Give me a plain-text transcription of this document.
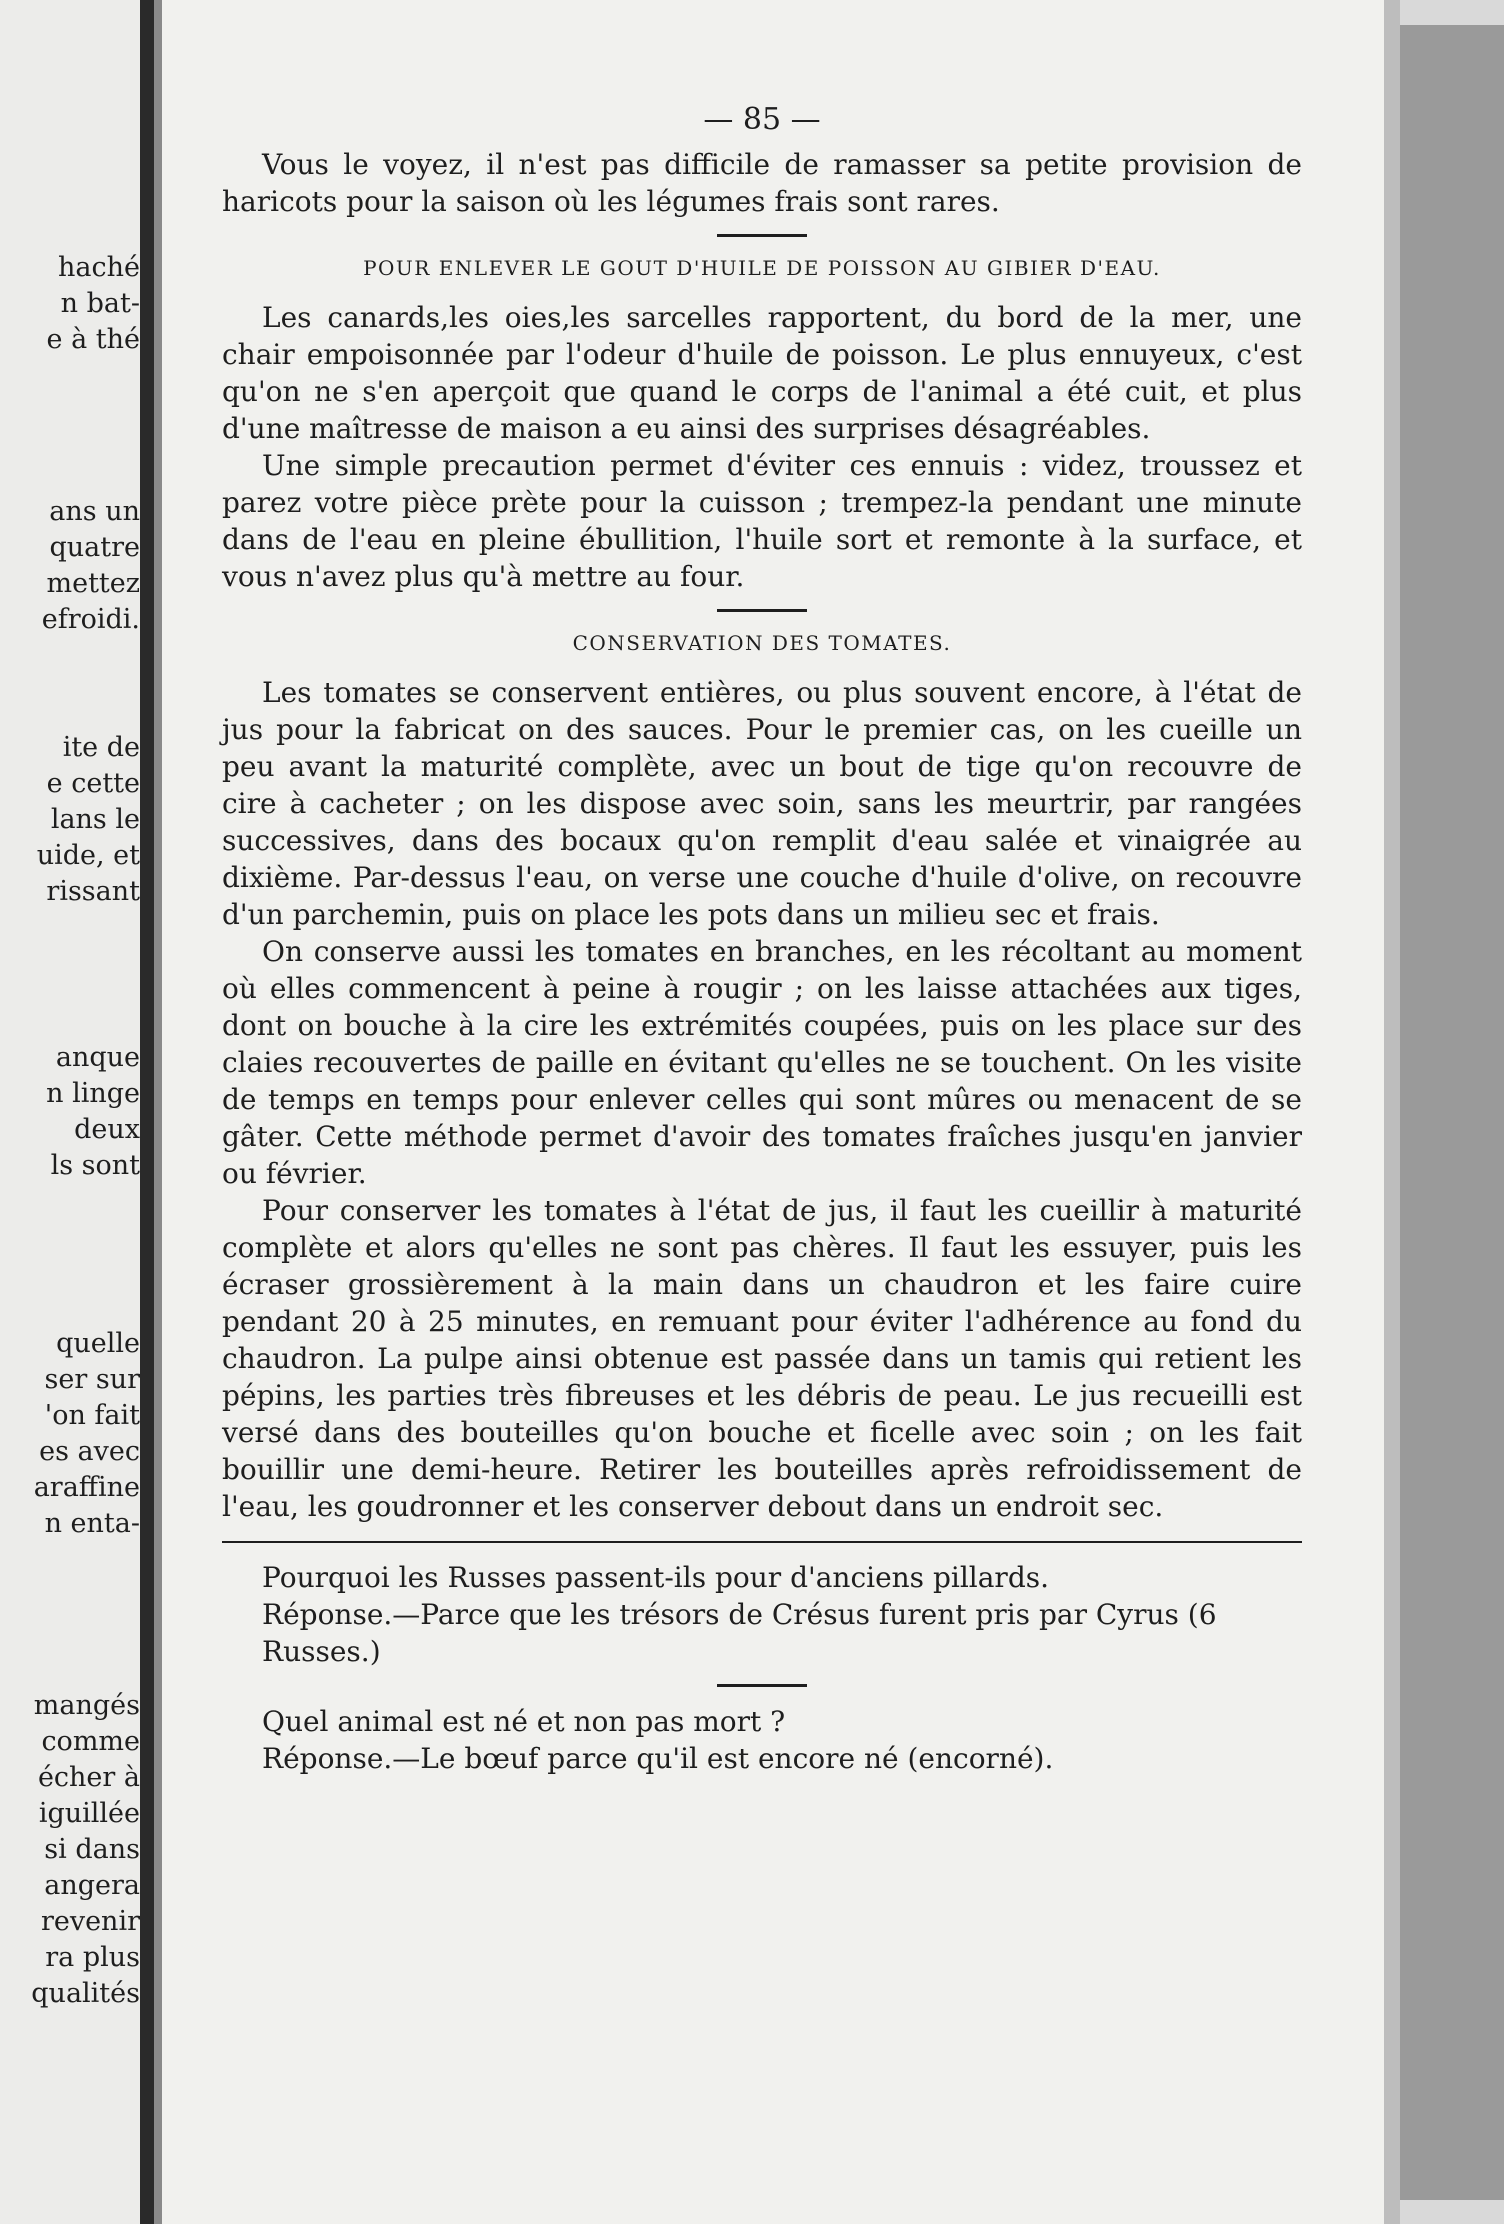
haché
n bat-
e à thé
ans un
quatre
mettez
efroidi.
ite de
e cette
lans le
uide, et
rissant
anque
n linge
deux
ls sont
quelle
ser sur
'on fait
es avec
araffine
n enta-
mangés
comme
écher à
iguillée
si dans
angera
revenir
ra plus
qualités
— 85 —

Vous le voyez, il n'est pas difficile de ramasser sa petite provision de haricots pour la saison où les légumes frais sont rares.

POUR ENLEVER LE GOUT D'HUILE DE POISSON AU GIBIER D'EAU.

Les canards,les oies,les sarcelles rapportent, du bord de la mer, une chair empoisonnée par l'odeur d'huile de poisson. Le plus ennuyeux, c'est qu'on ne s'en aperçoit que quand le corps de l'animal a été cuit, et plus d'une maîtresse de maison a eu ainsi des surprises désagréables.

Une simple precaution permet d'éviter ces ennuis : videz, troussez et parez votre pièce prète pour la cuisson ; trempez-la pendant une minute dans de l'eau en pleine ébullition, l'huile sort et remonte à la surface, et vous n'avez plus qu'à mettre au four.

CONSERVATION DES TOMATES.

Les tomates se conservent entières, ou plus souvent encore, à l'état de jus pour la fabricat on des sauces. Pour le premier cas, on les cueille un peu avant la maturité complète, avec un bout de tige qu'on recouvre de cire à cacheter ; on les dispose avec soin, sans les meurtrir, par rangées successives, dans des bocaux qu'on remplit d'eau salée et vinaigrée au dixième. Par-dessus l'eau, on verse une couche d'huile d'olive, on recouvre d'un parchemin, puis on place les pots dans un milieu sec et frais.

On conserve aussi les tomates en branches, en les récoltant au moment où elles commencent à peine à rougir ; on les laisse attachées aux tiges, dont on bouche à la cire les extrémités coupées, puis on les place sur des claies recouvertes de paille en évitant qu'elles ne se touchent. On les visite de temps en temps pour enlever celles qui sont mûres ou menacent de se gâter. Cette méthode permet d'avoir des tomates fraîches jusqu'en janvier ou février.

Pour conserver les tomates à l'état de jus, il faut les cueillir à maturité complète et alors qu'elles ne sont pas chères. Il faut les essuyer, puis les écraser grossièrement à la main dans un chaudron et les faire cuire pendant 20 à 25 minutes, en remuant pour éviter l'adhérence au fond du chaudron. La pulpe ainsi obtenue est passée dans un tamis qui retient les pépins, les parties très fibreuses et les débris de peau. Le jus recueilli est versé dans des bouteilles qu'on bouche et ficelle avec soin ; on les fait bouillir une demi-heure. Retirer les bouteilles après refroidissement de l'eau, les goudronner et les conserver debout dans un endroit sec.

Pourquoi les Russes passent-ils pour d'anciens pillards.

Réponse.—Parce que les trésors de Crésus furent pris par Cyrus (6 Russes.)

Quel animal est né et non pas mort ?

Réponse.—Le bœuf parce qu'il est encore né (encorné).
